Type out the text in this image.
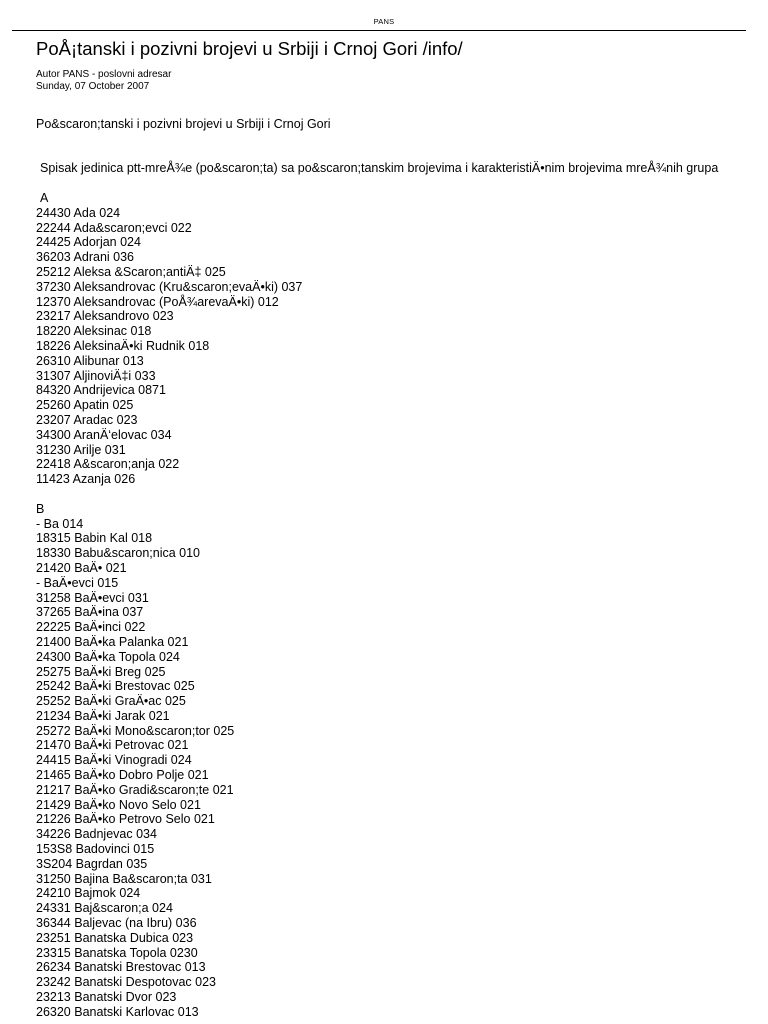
PANS
PoÅ¡tanski i pozivni brojevi u Srbiji i Crnoj Gori /info/
Autor PANS - poslovni adresar
Sunday, 07 October 2007
Po&scaron;tanski i pozivni brojevi u Srbiji i Crnoj Gori
Spisak jedinica ptt-mreÅ¾e (po&scaron;ta) sa po&scaron;tanskim brojevima i karakteristiÄ•nim brojevima mreÅ¾nih grupa
A
24430 Ada 024
22244 Ada&scaron;evci 022
24425 Adorjan 024
36203 Adrani 036
25212 Aleksa &Scaron;antiÄ‡ 025
37230 Aleksandrovac (Kru&scaron;evaÄ•ki) 037
12370 Aleksandrovac (PoÅ¾arevaÄ•ki) 012
23217 Aleksandrovo 023
18220 Aleksinac 018
18226 AleksinaÄ•ki Rudnik 018
26310 Alibunar 013
31307 AljinoviÄ‡i 033
84320 Andrijevica 0871
25260 Apatin 025
23207 Aradac 023
34300 AranÄ‘elovac 034
31230 Arilje 031
22418 A&scaron;anja 022
11423 Azanja 026
B
- Ba 014
18315 Babin Kal 018
18330 Babu&scaron;nica 010
21420 BaÄ• 021
- BaÄ•evci 015
31258 BaÄ•evci 031
37265 BaÄ•ina 037
22225 BaÄ•inci 022
21400 BaÄ•ka Palanka 021
24300 BaÄ•ka Topola 024
25275 BaÄ•ki Breg 025
25242 BaÄ•ki Brestovac 025
25252 BaÄ•ki GraÄ•ac 025
21234 BaÄ•ki Jarak 021
25272 BaÄ•ki Mono&scaron;tor 025
21470 BaÄ•ki Petrovac 021
24415 BaÄ•ki Vinogradi 024
21465 BaÄ•ko Dobro Polje 021
21217 BaÄ•ko Gradi&scaron;te 021
21429 BaÄ•ko Novo Selo 021
21226 BaÄ•ko Petrovo Selo 021
34226 Badnjevac 034
153S8 Badovinci 015
3S204 Bagrdan 035
31250 Bajina Ba&scaron;ta 031
24210 Bajmok 024
24331 Baj&scaron;a 024
36344 Baljevac (na Ibru) 036
23251 Banatska Dubica 023
23315 Banatska Topola 0230
26234 Banatski Brestovac 013
23242 Banatski Despotovac 023
23213 Banatski Dvor 023
26320 Banatski Karlovac 013
